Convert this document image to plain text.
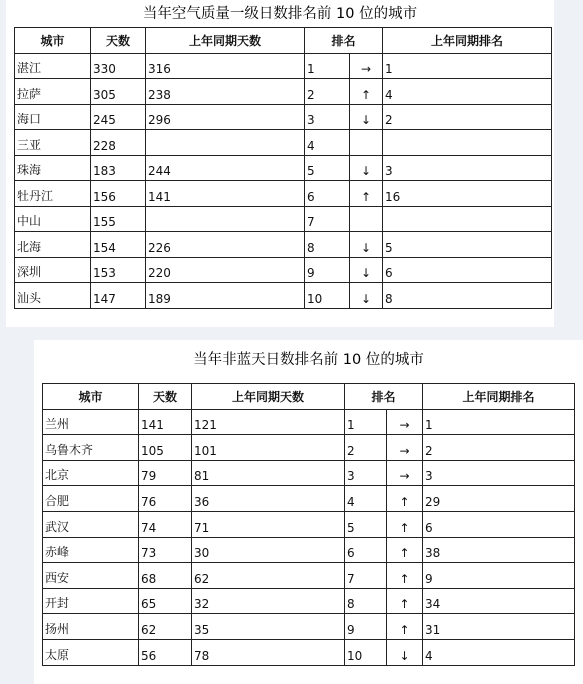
当年空气质量一级日数排名前 10 位的城市
城市	天数	上年同期天数	排名		上年同期排名
湛江	330	316	1	→	1
拉萨	305	238	2	↑	4
海口	245	296	3	↓	2
三亚	228		4		
珠海	183	244	5	↓	3
牡丹江	156	141	6	↑	16
中山	155		7		
北海	154	226	8	↓	5
深圳	153	220	9	↓	6
汕头	147	189	10	↓	8
当年非蓝天日数排名前 10 位的城市
城市	天数	上年同期天数	排名		上年同期排名
兰州	141	121	1	→	1
乌鲁木齐	105	101	2	→	2
北京	79	81	3	→	3
合肥	76	36	4	↑	29
武汉	74	71	5	↑	6
赤峰	73	30	6	↑	38
西安	68	62	7	↑	9
开封	65	32	8	↑	34
扬州	62	35	9	↑	31
太原	56	78	10	↓	4
